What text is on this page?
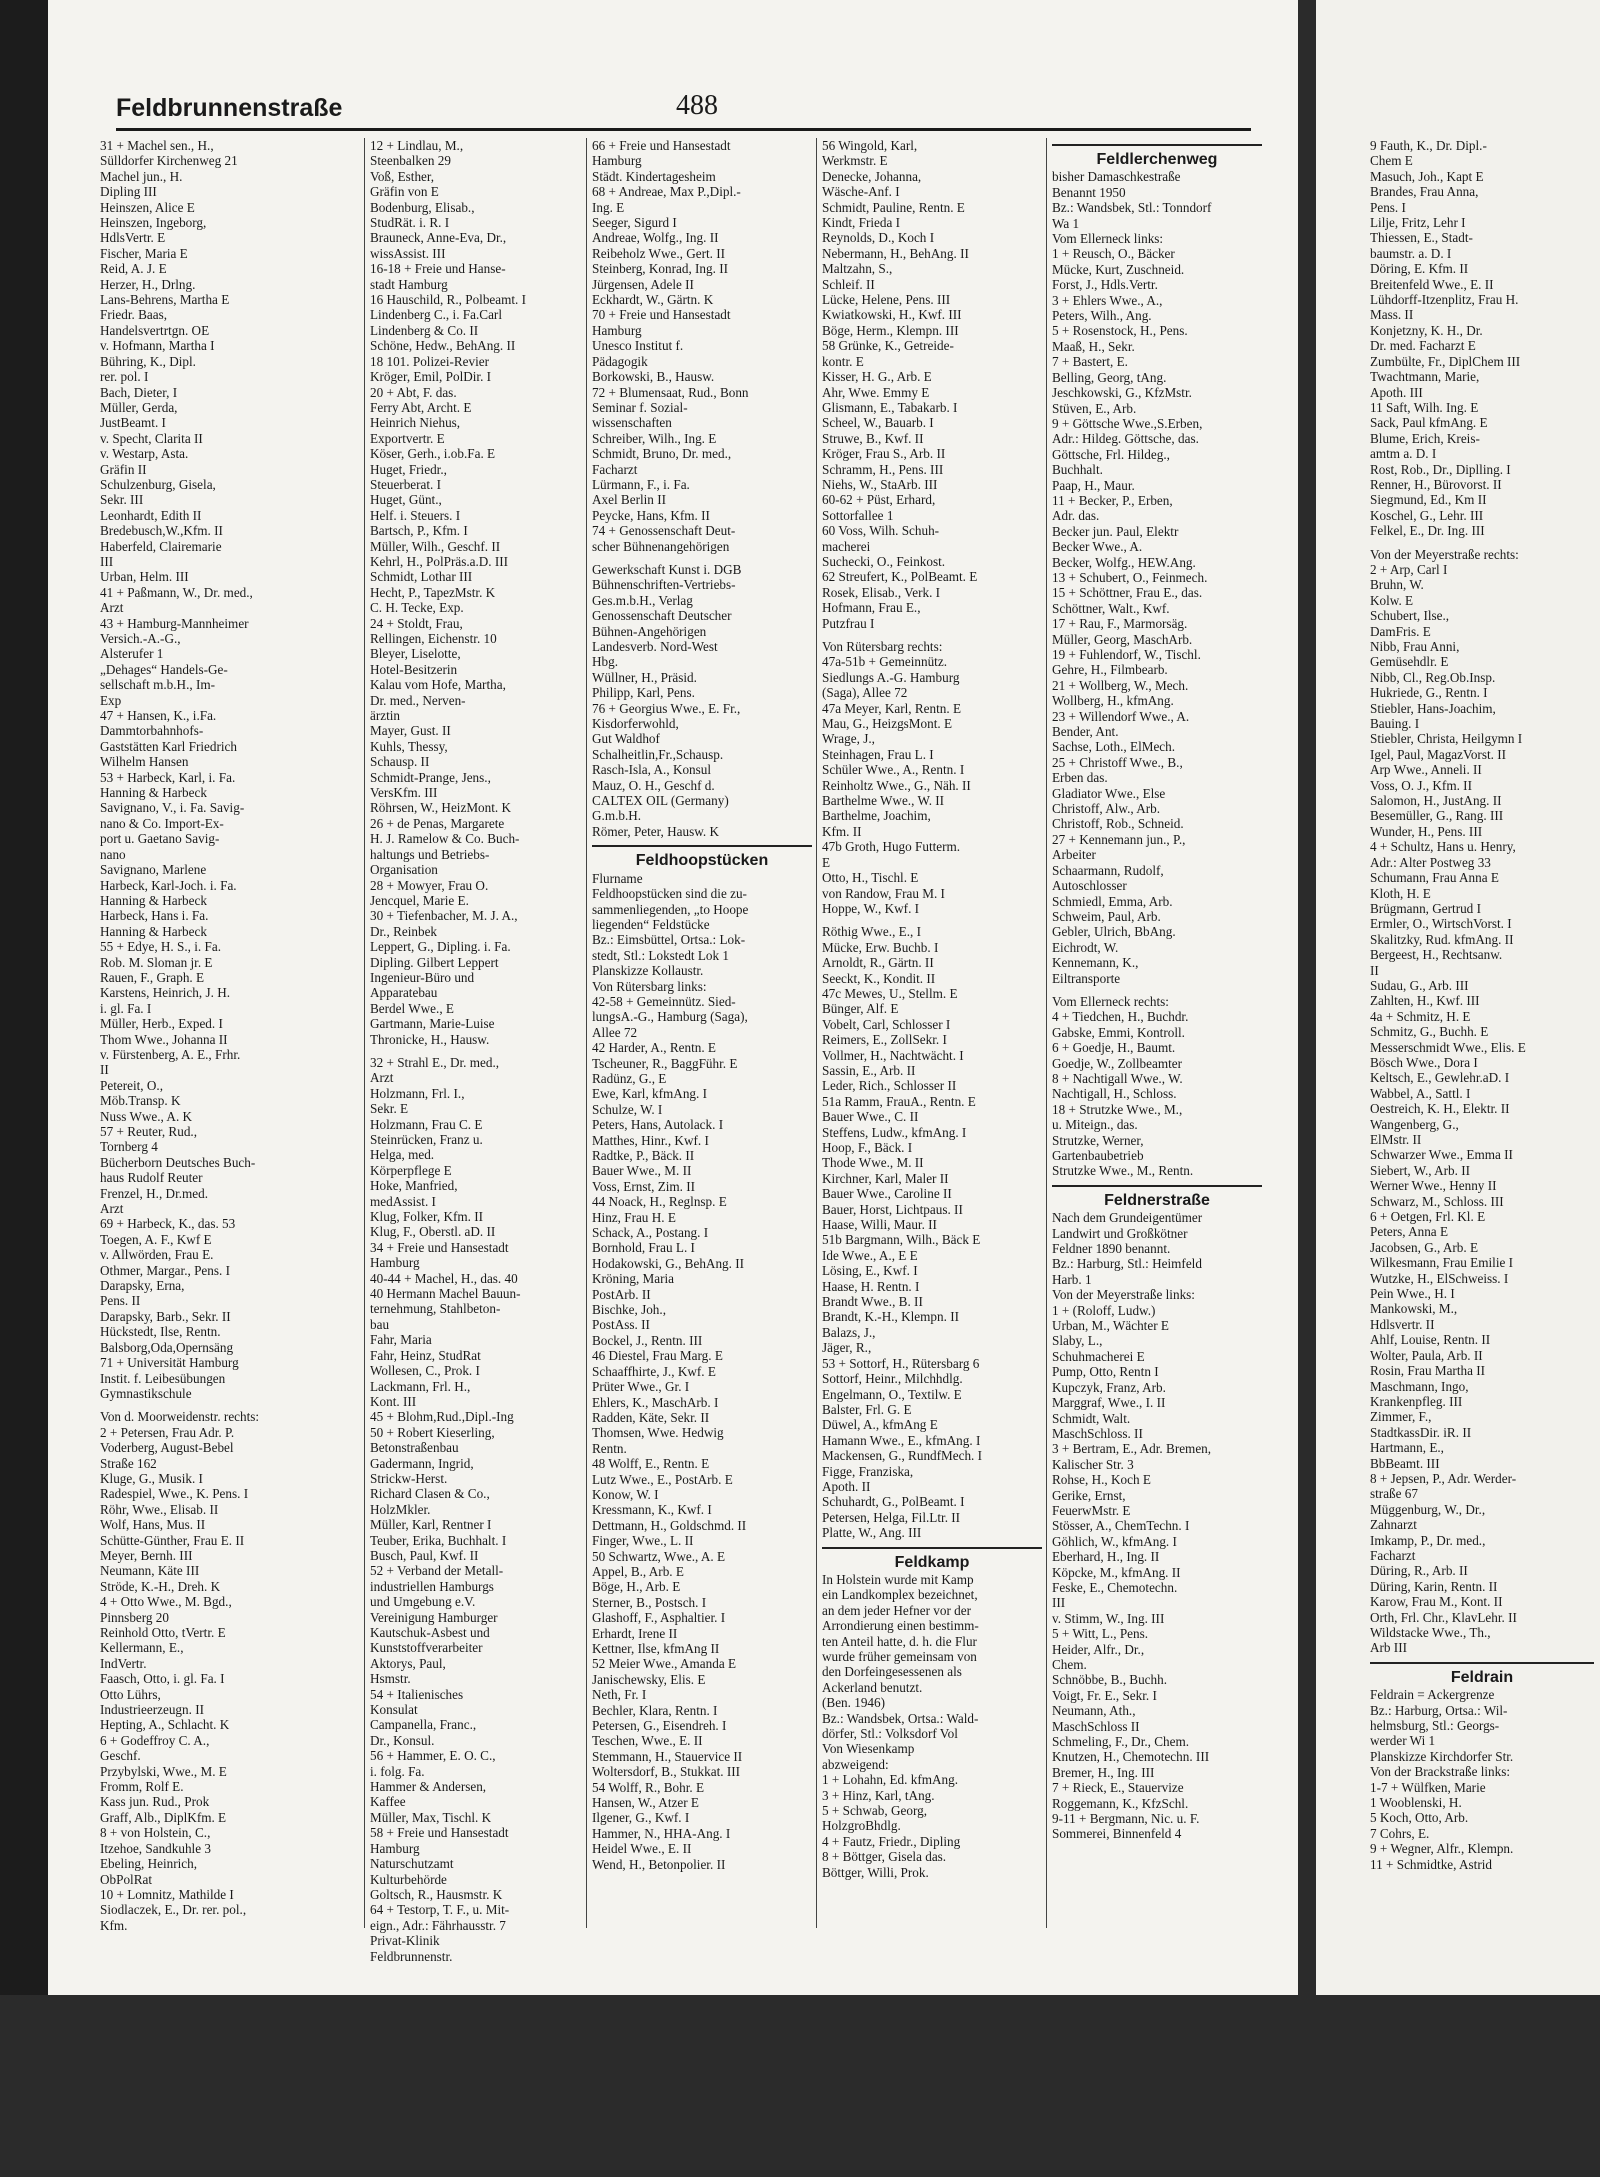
Feldbrunnenstraße	488
31 + Machel sen., H.,
Sülldorfer Kirchenweg 21
Machel jun., H.
Dipling III
Heinszen, Alice E
Heinszen, Ingeborg,
HdlsVertr. E
Fischer, Maria E
Reid, A. J. E
Herzer, H., Drlng.
Lans-Behrens, Martha E
Friedr. Baas,
Handelsvertrtgn. OE
v. Hofmann, Martha I
Bühring, K., Dipl.
rer. pol. I
Bach, Dieter, I
Müller, Gerda,
JustBeamt. I
v. Specht, Clarita II
v. Westarp, Asta.
Gräfin II
Schulzenburg, Gisela,
Sekr. III
Leonhardt, Edith II
Bredebusch,W.,Kfm. II
Haberfeld, Clairemarie
III
Urban, Helm. III
41 + Paßmann, W., Dr. med.,
Arzt
43 + Hamburg-Mannheimer
Versich.-A.-G.,
Alsterufer 1
„Dehages“ Handels-Ge-
sellschaft m.b.H., Im-
Exp
47 + Hansen, K., i.Fa.
Dammtorbahnhofs-
Gaststätten Karl Friedrich
Wilhelm Hansen
53 + Harbeck, Karl, i. Fa.
Hanning & Harbeck
Savignano, V., i. Fa. Savig-
nano & Co. Import-Ex-
port u. Gaetano Savig-
nano
Savignano, Marlene
Harbeck, Karl-Joch. i. Fa.
Hanning & Harbeck
Harbeck, Hans i. Fa.
Hanning & Harbeck
55 + Edye, H. S., i. Fa.
Rob. M. Sloman jr. E
Rauen, F., Graph. E
Karstens, Heinrich, J. H.
i. gl. Fa. I
Müller, Herb., Exped. I
Thom Wwe., Johanna II
v. Fürstenberg, A. E., Frhr.
II
Petereit, O.,
Möb.Transp. K
Nuss Wwe., A. K
57 + Reuter, Rud.,
Tornberg 4
Bücherborn Deutsches Buch-
haus Rudolf Reuter
Frenzel, H., Dr.med.
Arzt
69 + Harbeck, K., das. 53
Toegen, A. F., Kwf E
v. Allwörden, Frau E.
Othmer, Margar., Pens. I
Darapsky, Erna,
Pens. II
Darapsky, Barb., Sekr. II
Hückstedt, Ilse, Rentn.
Balsborg,Oda,Opernsäng
71 + Universität Hamburg
Instit. f. Leibesübungen
Gymnastikschule
Von d. Moorweidenstr. rechts:
2 + Petersen, Frau Adr. P.
Voderberg, August-Bebel
Straße 162
Kluge, G., Musik. I
Radespiel, Wwe., K. Pens. I
Röhr, Wwe., Elisab. II
Wolf, Hans, Mus. II
Schütte-Günther, Frau E. II
Meyer, Bernh. III
Neumann, Käte III
Ströde, K.-H., Dreh. K
4 + Otto Wwe., M. Bgd.,
Pinnsberg 20
Reinhold Otto, tVertr. E
Kellermann, E.,
IndVertr.
Faasch, Otto, i. gl. Fa. I
Otto Lührs,
Industrieerzeugn. II
Hepting, A., Schlacht. K
6 + Godeffroy C. A.,
Geschf.
Przybylski, Wwe., M. E
Fromm, Rolf E.
Kass jun. Rud., Prok
Graff, Alb., DiplKfm. E
8 + von Holstein, C.,
Itzehoe, Sandkuhle 3
Ebeling, Heinrich,
ObPolRat
10 + Lomnitz, Mathilde I
Siodlaczek, E., Dr. rer. pol.,
Kfm.
12 + Lindlau, M.,
Steenbalken 29
Voß, Esther,
Gräfin von E
Bodenburg, Elisab.,
StudRät. i. R. I
Brauneck, Anne-Eva, Dr.,
wissAssist. III
16-18 + Freie und Hanse-
stadt Hamburg
16 Hauschild, R., Polbeamt. I
Lindenberg C., i. Fa.Carl
Lindenberg & Co. II
Schöne, Hedw., BehAng. II
18 101. Polizei-Revier
Kröger, Emil, PolDir. I
20 + Abt, F. das.
Ferry Abt, Archt. E
Heinrich Niehus,
Exportvertr. E
Köser, Gerh., i.ob.Fa. E
Huget, Friedr.,
Steuerberat. I
Huget, Günt.,
Helf. i. Steuers. I
Bartsch, P., Kfm. I
Müller, Wilh., Geschf. II
Kehrl, H., PolPräs.a.D. III
Schmidt, Lothar III
Hecht, P., TapezMstr. K
C. H. Tecke, Exp.
24 + Stoldt, Frau,
Rellingen, Eichenstr. 10
Bleyer, Liselotte,
Hotel-Besitzerin
Kalau vom Hofe, Martha,
Dr. med., Nerven-
ärztin
Mayer, Gust. II
Kuhls, Thessy,
Schausp. II
Schmidt-Prange, Jens.,
VersKfm. III
Röhrsen, W., HeizMont. K
26 + de Penas, Margarete
H. J. Ramelow & Co. Buch-
haltungs und Betriebs-
Organisation
28 + Mowyer, Frau O.
Jencquel, Marie E.
30 + Tiefenbacher, M. J. A.,
Dr., Reinbek
Leppert, G., Dipling. i. Fa.
Dipling. Gilbert Leppert
Ingenieur-Büro und
Apparatebau
Berdel Wwe., E
Gartmann, Marie-Luise
Thronicke, H., Hausw.
32 + Strahl E., Dr. med.,
Arzt
Holzmann, Frl. I.,
Sekr. E
Holzmann, Frau C. E
Steinrücken, Franz u.
Helga, med.
Körperpflege E
Hoke, Manfried,
medAssist. I
Klug, Folker, Kfm. II
Klug, F., Oberstl. aD. II
34 + Freie und Hansestadt
Hamburg
40-44 + Machel, H., das. 40
40 Hermann Machel Bauun-
ternehmung, Stahlbeton-
bau
Fahr, Maria
Fahr, Heinz, StudRat
Wollesen, C., Prok. I
Lackmann, Frl. H.,
Kont. III
45 + Blohm,Rud.,Dipl.-Ing
50 + Robert Kieserling,
Betonstraßenbau
Gadermann, Ingrid,
Strickw-Herst.
Richard Clasen & Co.,
HolzMkler.
Müller, Karl, Rentner I
Teuber, Erika, Buchhalt. I
Busch, Paul, Kwf. II
52 + Verband der Metall-
industriellen Hamburgs
und Umgebung e.V.
Vereinigung Hamburger
Kautschuk-Asbest und
Kunststoffverarbeiter
Aktorys, Paul,
Hsmstr.
54 + Italienisches
Konsulat
Campanella, Franc.,
Dr., Konsul.
56 + Hammer, E. O. C.,
i. folg. Fa.
Hammer & Andersen,
Kaffee
Müller, Max, Tischl. K
58 + Freie und Hansestadt
Hamburg
Naturschutzamt
Kulturbehörde
Goltsch, R., Hausmstr. K
64 + Testorp, T. F., u. Mit-
eign., Adr.: Fährhausstr. 7
Privat-Klinik
Feldbrunnenstr.
66 + Freie und Hansestadt
Hamburg
Städt. Kindertagesheim
68 + Andreae, Max P.,Dipl.-
Ing. E
Seeger, Sigurd I
Andreae, Wolfg., Ing. II
Reibeholz Wwe., Gert. II
Steinberg, Konrad, Ing. II
Jürgensen, Adele II
Eckhardt, W., Gärtn. K
70 + Freie und Hansestadt
Hamburg
Unesco Institut f.
Pädagogik
Borkowski, B., Hausw.
72 + Blumensaat, Rud., Bonn
Seminar f. Sozial-
wissenschaften
Schreiber, Wilh., Ing. E
Schmidt, Bruno, Dr. med.,
Facharzt
Lürmann, F., i. Fa.
Axel Berlin II
Peycke, Hans, Kfm. II
74 + Genossenschaft Deut-
scher Bühnenangehörigen
Gewerkschaft Kunst i. DGB
Bühnenschriften-Vertriebs-
Ges.m.b.H., Verlag
Genossenschaft Deutscher
Bühnen-Angehörigen
Landesverb. Nord-West
Hbg.
Wüllner, H., Präsid.
Philipp, Karl, Pens.
76 + Georgius Wwe., E. Fr.,
Kisdorferwohld,
Gut Waldhof
Schalheitlin,Fr.,Schausp.
Rasch-Isla, A., Konsul
Mauz, O. H., Geschf d.
CALTEX OIL (Germany)
G.m.b.H.
Römer, Peter, Hausw. K
Feldhoopstücken
Flurname
Feldhoopstücken sind die zu-
sammenliegenden, „to Hoope
liegenden“ Feldstücke
Bz.: Eimsbüttel, Ortsa.: Lok-
stedt, Stl.: Lokstedt Lok 1
Planskizze Kollaustr.
Von Rütersbarg links:
42-58 + Gemeinnütz. Sied-
lungsA.-G., Hamburg (Saga),
Allee 72
42 Harder, A., Rentn. E
Tscheuner, R., BaggFühr. E
Radünz, G., E
Ewe, Karl, kfmAng. I
Schulze, W. I
Peters, Hans, Autolack. I
Matthes, Hinr., Kwf. I
Radtke, P., Bäck. II
Bauer Wwe., M. II
Voss, Ernst, Zim. II
44 Noack, H., Reglnsp. E
Hinz, Frau H. E
Schack, A., Postang. I
Bornhold, Frau L. I
Hodakowski, G., BehAng. II
Kröning, Maria
PostArb. II
Bischke, Joh.,
PostAss. II
Bockel, J., Rentn. III
46 Diestel, Frau Marg. E
Schaaffhirte, J., Kwf. E
Prüter Wwe., Gr. I
Ehlers, K., MaschArb. I
Radden, Käte, Sekr. II
Thomsen, Wwe. Hedwig
Rentn.
48 Wolff, E., Rentn. E
Lutz Wwe., E., PostArb. E
Konow, W. I
Kressmann, K., Kwf. I
Dettmann, H., Goldschmd. II
Finger, Wwe., L. II
50 Schwartz, Wwe., A. E
Appel, B., Arb. E
Böge, H., Arb. E
Sterner, B., Postsch. I
Glashoff, F., Asphaltier. I
Erhardt, Irene II
Kettner, Ilse, kfmAng II
52 Meier Wwe., Amanda E
Janischewsky, Elis. E
Neth, Fr. I
Bechler, Klara, Rentn. I
Petersen, G., Eisendreh. I
Teschen, Wwe., E. II
Stemmann, H., Stauervice II
Woltersdorf, B., Stukkat. III
54 Wolff, R., Bohr. E
Hansen, W., Atzer E
Ilgener, G., Kwf. I
Hammer, N., HHA-Ang. I
Heidel Wwe., E. II
Wend, H., Betonpolier. II
56 Wingold, Karl,
Werkmstr. E
Denecke, Johanna,
Wäsche-Anf. I
Schmidt, Pauline, Rentn. E
Kindt, Frieda I
Reynolds, D., Koch I
Nebermann, H., BehAng. II
Maltzahn, S.,
Schleif. II
Lücke, Helene, Pens. III
Kwiatkowski, H., Kwf. III
Böge, Herm., Klempn. III
58 Grünke, K., Getreide-
kontr. E
Kisser, H. G., Arb. E
Ahr, Wwe. Emmy E
Glismann, E., Tabakarb. I
Scheel, W., Bauarb. I
Struwe, B., Kwf. II
Kröger, Frau S., Arb. II
Schramm, H., Pens. III
Niehs, W., StaArb. III
60-62 + Püst, Erhard,
Sottorfallee 1
60 Voss, Wilh. Schuh-
macherei
Suchecki, O., Feinkost.
62 Streufert, K., PolBeamt. E
Rosek, Elisab., Verk. I
Hofmann, Frau E.,
Putzfrau I
Von Rütersbarg rechts:
47a-51b + Gemeinnütz.
Siedlungs A.-G. Hamburg
(Saga), Allee 72
47a Meyer, Karl, Rentn. E
Mau, G., HeizgsMont. E
Wrage, J.,
Steinhagen, Frau L. I
Schüler Wwe., A., Rentn. I
Reinholtz Wwe., G., Näh. II
Barthelme Wwe., W. II
Barthelme, Joachim,
Kfm. II
47b Groth, Hugo Futterm.
E
Otto, H., Tischl. E
von Randow, Frau M. I
Hoppe, W., Kwf. I
Röthig Wwe., E., I
Mücke, Erw. Buchb. I
Arnoldt, R., Gärtn. II
Seeckt, K., Kondit. II
47c Mewes, U., Stellm. E
Bünger, Alf. E
Vobelt, Carl, Schlosser I
Reimers, E., ZollSekr. I
Vollmer, H., Nachtwächt. I
Sassin, E., Arb. II
Leder, Rich., Schlosser II
51a Ramm, FrauA., Rentn. E
Bauer Wwe., C. II
Steffens, Ludw., kfmAng. I
Hoop, F., Bäck. I
Thode Wwe., M. II
Kirchner, Karl, Maler II
Bauer Wwe., Caroline II
Bauer, Horst, Lichtpaus. II
Haase, Willi, Maur. II
51b Bargmann, Wilh., Bäck E
Ide Wwe., A., E E
Lösing, E., Kwf. I
Haase, H. Rentn. I
Brandt Wwe., B. II
Brandt, K.-H., Klempn. II
Balazs, J.,
Jäger, R.,
53 + Sottorf, H., Rütersbarg 6
Sottorf, Heinr., Milchhdlg.
Engelmann, O., Textilw. E
Balster, Frl. G. E
Düwel, A., kfmAng E
Hamann Wwe., E., kfmAng. I
Mackensen, G., RundfMech. I
Figge, Franziska,
Apoth. II
Schuhardt, G., PolBeamt. I
Petersen, Helga, Fil.Ltr. II
Platte, W., Ang. III
Feldkamp
In Holstein wurde mit Kamp
ein Landkomplex bezeichnet,
an dem jeder Hefner vor der
Arrondierung einen bestimm-
ten Anteil hatte, d. h. die Flur
wurde früher gemeinsam von
den Dorfeingesessenen als
Ackerland benutzt.
(Ben. 1946)
Bz.: Wandsbek, Ortsa.: Wald-
dörfer, Stl.: Volksdorf Vol
Von Wiesenkamp
abzweigend:
1 + Lohahn, Ed. kfmAng.
3 + Hinz, Karl, tAng.
5 + Schwab, Georg,
HolzgroBhdlg.
4 + Fautz, Friedr., Dipling
8 + Böttger, Gisela das.
Böttger, Willi, Prok.
Feldlerchenweg
bisher Damaschkestraße
Benannt 1950
Bz.: Wandsbek, Stl.: Tonndorf
Wa 1
Vom Ellerneck links:
1 + Reusch, O., Bäcker
Mücke, Kurt, Zuschneid.
Forst, J., Hdls.Vertr.
3 + Ehlers Wwe., A.,
Peters, Wilh., Ang.
5 + Rosenstock, H., Pens.
Maaß, H., Sekr.
7 + Bastert, E.
Belling, Georg, tAng.
Jeschkowski, G., KfzMstr.
Stüven, E., Arb.
9 + Göttsche Wwe.,S.Erben,
Adr.: Hildeg. Göttsche, das.
Göttsche, Frl. Hildeg.,
Buchhalt.
Paap, H., Maur.
11 + Becker, P., Erben,
Adr. das.
Becker jun. Paul, Elektr
Becker Wwe., A.
Becker, Wolfg., HEW.Ang.
13 + Schubert, O., Feinmech.
15 + Schöttner, Frau E., das.
Schöttner, Walt., Kwf.
17 + Rau, F., Marmorsäg.
Müller, Georg, MaschArb.
19 + Fuhlendorf, W., Tischl.
Gehre, H., Filmbearb.
21 + Wollberg, W., Mech.
Wollberg, H., kfmAng.
23 + Willendorf Wwe., A.
Bender, Ant.
Sachse, Loth., ElMech.
25 + Christoff Wwe., B.,
Erben das.
Gladiator Wwe., Else
Christoff, Alw., Arb.
Christoff, Rob., Schneid.
27 + Kennemann jun., P.,
Arbeiter
Schaarmann, Rudolf,
Autoschlosser
Schmiedl, Emma, Arb.
Schweim, Paul, Arb.
Gebler, Ulrich, BbAng.
Eichrodt, W.
Kennemann, K.,
Eiltransporte
Vom Ellerneck rechts:
4 + Tiedchen, H., Buchdr.
Gabske, Emmi, Kontroll.
6 + Goedje, H., Baumt.
Goedje, W., Zollbeamter
8 + Nachtigall Wwe., W.
Nachtigall, H., Schloss.
18 + Strutzke Wwe., M.,
u. Miteign., das.
Strutzke, Werner,
Gartenbaubetrieb
Strutzke Wwe., M., Rentn.
Feldnerstraße
Nach dem Grundeigentümer
Landwirt und Großkötner
Feldner 1890 benannt.
Bz.: Harburg, Stl.: Heimfeld
Harb. 1
Von der Meyerstraße links:
1 + (Roloff, Ludw.)
Urban, M., Wächter E
Slaby, L.,
Schuhmacherei E
Pump, Otto, Rentn I
Kupczyk, Franz, Arb.
Marggraf, Wwe., I. II
Schmidt, Walt.
MaschSchloss. II
3 + Bertram, E., Adr. Bremen,
Kalischer Str. 3
Rohse, H., Koch E
Gerike, Ernst,
FeuerwMstr. E
Stösser, A., ChemTechn. I
Göhlich, W., kfmAng. I
Eberhard, H., Ing. II
Köpcke, M., kfmAng. II
Feske, E., Chemotechn.
III
v. Stimm, W., Ing. III
5 + Witt, L., Pens.
Heider, Alfr., Dr.,
Chem.
Schnöbbe, B., Buchh.
Voigt, Fr. E., Sekr. I
Neumann, Ath.,
MaschSchloss II
Schmeling, F., Dr., Chem.
Knutzen, H., Chemotechn. III
Bremer, H., Ing. III
7 + Rieck, E., Stauervize
Roggemann, K., KfzSchl.
9-11 + Bergmann, Nic. u. F.
Sommerei, Binnenfeld 4
9 Fauth, K., Dr. Dipl.-
Chem E
Masuch, Joh., Kapt E
Brandes, Frau Anna,
Pens. I
Lilje, Fritz, Lehr I
Thiessen, E., Stadt-
baumstr. a. D. I
Döring, E. Kfm. II
Breitenfeld Wwe., E. II
Lühdorff-Itzenplitz, Frau H.
Mass. II
Konjetzny, K. H., Dr.
Dr. med. Facharzt E
Zumbülte, Fr., DiplChem III
Twachtmann, Marie,
Apoth. III
11 Saft, Wilh. Ing. E
Sack, Paul kfmAng. E
Blume, Erich, Kreis-
amtm a. D. I
Rost, Rob., Dr., Diplling. I
Renner, H., Bürovorst. II
Siegmund, Ed., Km II
Koschel, G., Lehr. III
Felkel, E., Dr. Ing. III
Von der Meyerstraße rechts:
2 + Arp, Carl I
Bruhn, W.
Kolw. E
Schubert, Ilse.,
DamFris. E
Nibb, Frau Anni,
Gemüsehdlr. E
Nibb, Cl., Reg.Ob.Insp.
Hukriede, G., Rentn. I
Stiebler, Hans-Joachim,
Bauing. I
Stiebler, Christa, Heilgymn I
Igel, Paul, MagazVorst. II
Arp Wwe., Anneli. II
Voss, O. J., Kfm. II
Salomon, H., JustAng. II
Besemüller, G., Rang. III
Wunder, H., Pens. III
4 + Schultz, Hans u. Henry,
Adr.: Alter Postweg 33
Schumann, Frau Anna E
Kloth, H. E
Brügmann, Gertrud I
Ermler, O., WirtschVorst. I
Skalitzky, Rud. kfmAng. II
Bergeest, H., Rechtsanw.
II
Sudau, G., Arb. III
Zahlten, H., Kwf. III
4a + Schmitz, H. E
Schmitz, G., Buchh. E
Messerschmidt Wwe., Elis. E
Bösch Wwe., Dora I
Keltsch, E., Gewlehr.aD. I
Wabbel, A., Sattl. I
Oestreich, K. H., Elektr. II
Wangenberg, G.,
ElMstr. II
Schwarzer Wwe., Emma II
Siebert, W., Arb. II
Werner Wwe., Henny II
Schwarz, M., Schloss. III
6 + Oetgen, Frl. Kl. E
Peters, Anna E
Jacobsen, G., Arb. E
Wilkesmann, Frau Emilie I
Wutzke, H., ElSchweiss. I
Pein Wwe., H. I
Mankowski, M.,
Hdlsvertr. II
Ahlf, Louise, Rentn. II
Wolter, Paula, Arb. II
Rosin, Frau Martha II
Maschmann, Ingo,
Krankenpfleg. III
Zimmer, F.,
StadtkassDir. iR. II
Hartmann, E.,
BbBeamt. III
8 + Jepsen, P., Adr. Werder-
straße 67
Müggenburg, W., Dr.,
Zahnarzt
Imkamp, P., Dr. med.,
Facharzt
Düring, R., Arb. II
Düring, Karin, Rentn. II
Karow, Frau M., Kont. II
Orth, Frl. Chr., KlavLehr. II
Wildstacke Wwe., Th.,
Arb III
Feldrain
Feldrain = Ackergrenze
Bz.: Harburg, Ortsa.: Wil-
helmsburg, Stl.: Georgs-
werder Wi 1
Planskizze Kirchdorfer Str.
Von der Brackstraße links:
1-7 + Wülfken, Marie
1 Wooblenski, H.
5 Koch, Otto, Arb.
7 Cohrs, E.
9 + Wegner, Alfr., Klempn.
11 + Schmidtke, Astrid
